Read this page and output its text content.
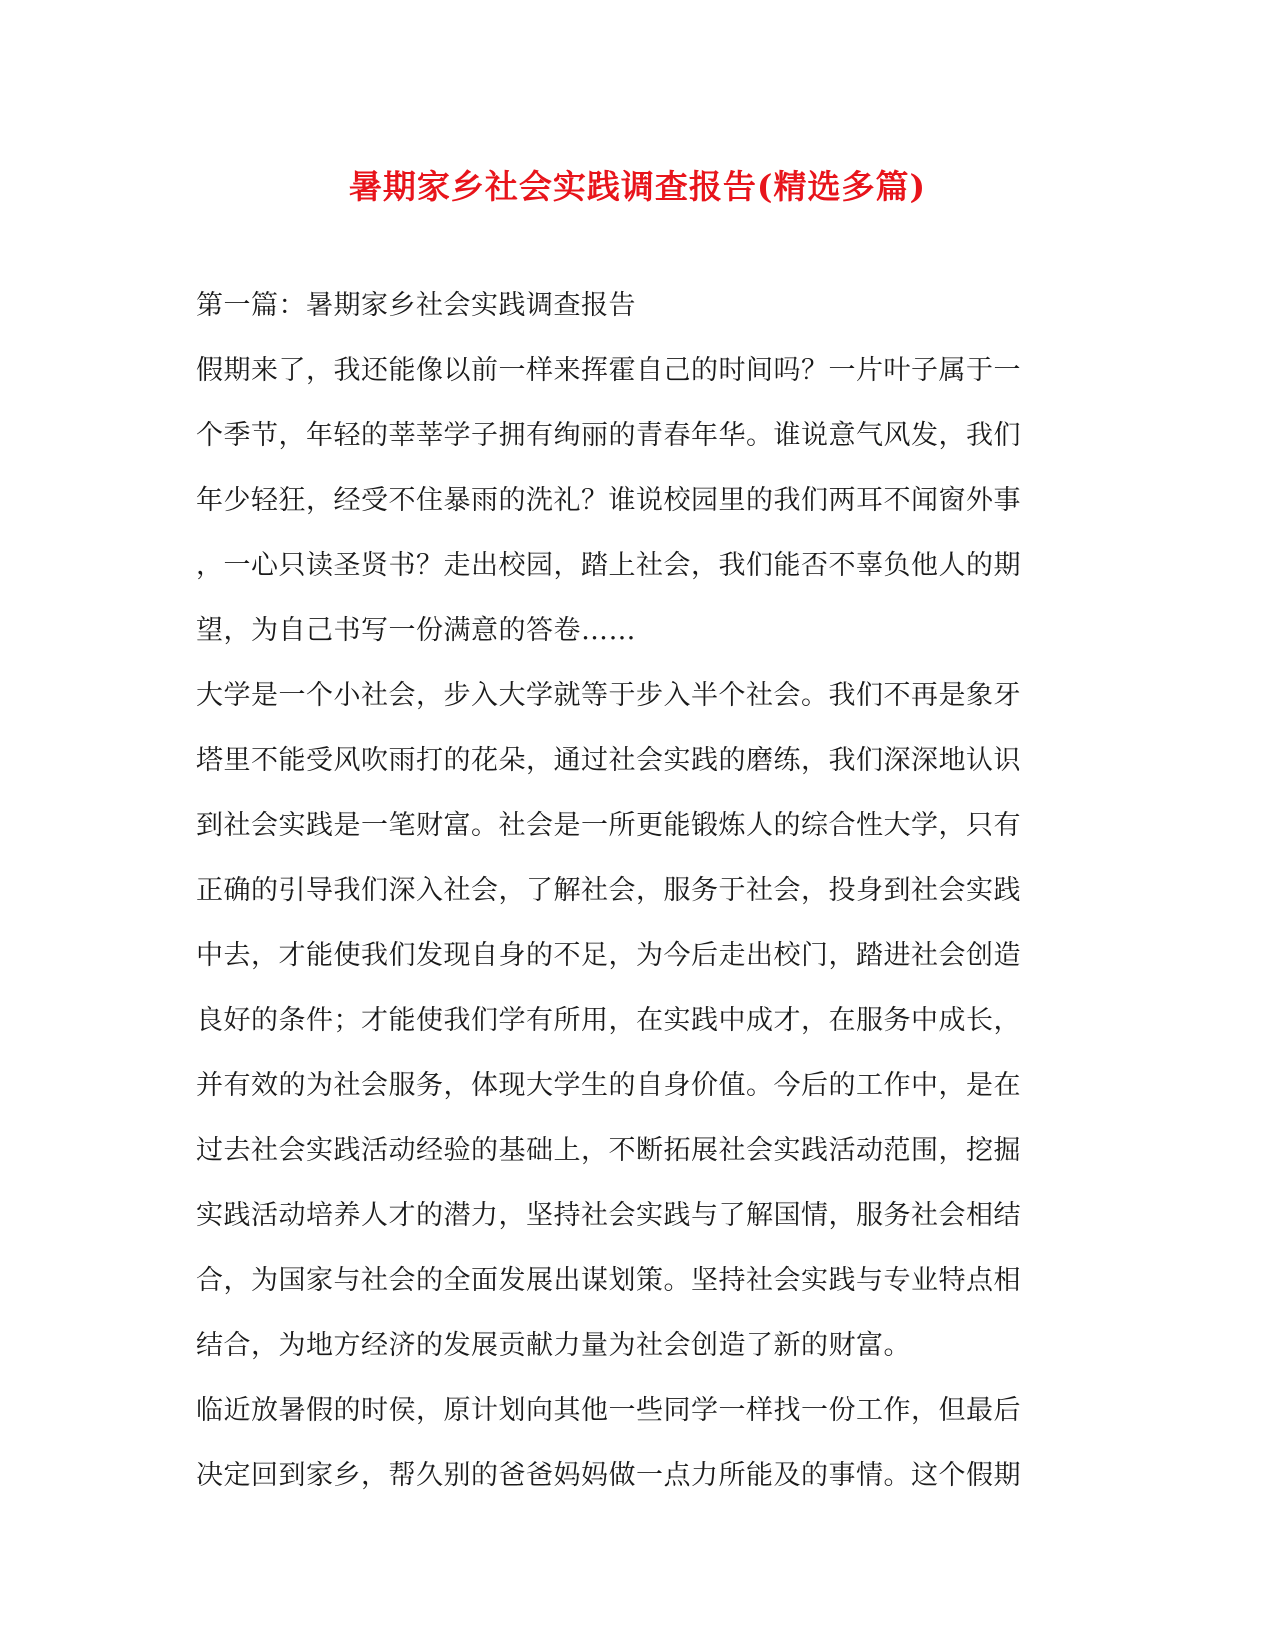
暑期家乡社会实践调查报告(精选多篇)

第一篇：暑期家乡社会实践调查报告

假期来了，我还能像以前一样来挥霍自己的时间吗？一片叶子属于一

个季节，年轻的莘莘学子拥有绚丽的青春年华。谁说意气风发，我们

年少轻狂，经受不住暴雨的洗礼？谁说校园里的我们两耳不闻窗外事

，一心只读圣贤书？走出校园，踏上社会，我们能否不辜负他人的期

望，为自己书写一份满意的答卷……

大学是一个小社会，步入大学就等于步入半个社会。我们不再是象牙

塔里不能受风吹雨打的花朵，通过社会实践的磨练，我们深深地认识

到社会实践是一笔财富。社会是一所更能锻炼人的综合性大学，只有

正确的引导我们深入社会，了解社会，服务于社会，投身到社会实践

中去，才能使我们发现自身的不足，为今后走出校门，踏进社会创造

良好的条件；才能使我们学有所用，在实践中成才，在服务中成长，

并有效的为社会服务，体现大学生的自身价值。今后的工作中，是在

过去社会实践活动经验的基础上，不断拓展社会实践活动范围，挖掘

实践活动培养人才的潜力，坚持社会实践与了解国情，服务社会相结

合，为国家与社会的全面发展出谋划策。坚持社会实践与专业特点相

结合，为地方经济的发展贡献力量为社会创造了新的财富。

临近放暑假的时侯，原计划向其他一些同学一样找一份工作，但最后

决定回到家乡，帮久别的爸爸妈妈做一点力所能及的事情。这个假期
